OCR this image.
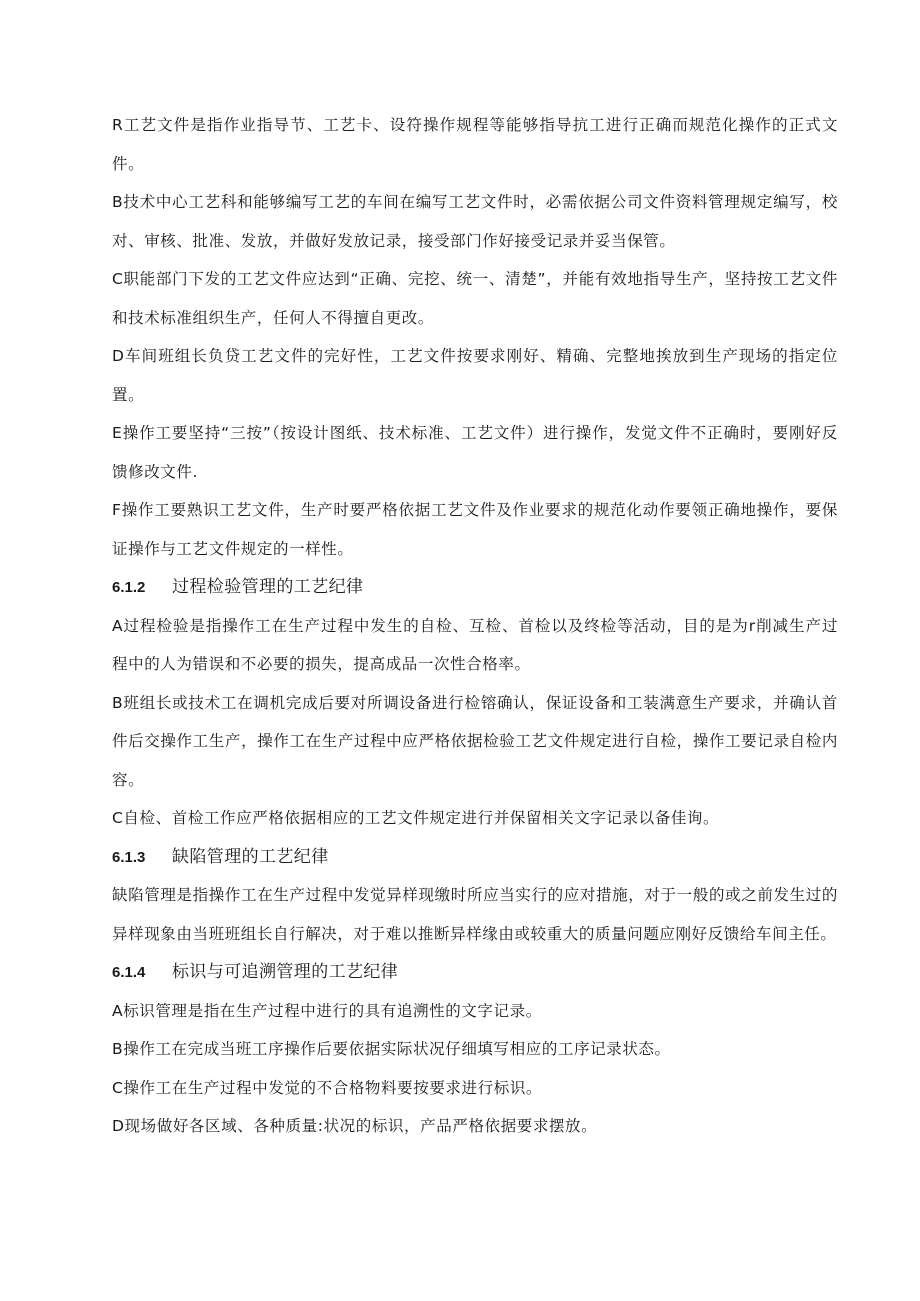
R工艺文件是指作业指导节、工艺卡、设符操作规程等能够指导抗工进行正确而规范化操作的正式文件。

B技术中心工艺科和能够编写工艺的车间在编写工艺文件时，必需依据公司文件资料管理规定编写，校对、审核、批准、发放，并做好发放记录，接受部门作好接受记录并妥当保管。

C职能部门下发的工艺文件应达到“正确、完挖、统一、清楚”，并能有效地指导生产，坚持按工艺文件和技术标准组织生产，任何人不得擅自更改。

D车间班组长负贷工艺文件的完好性，工艺文件按要求刚好、精确、完整地挨放到生产现场的指定位置。

E操作工要坚持“三按”（按设计图纸、技术标准、工艺文件）进行操作，发觉文件不正确时，要刚好反馈修改文件.

F操作工要熟识工艺文件，生产时要严格依据工艺文件及作业要求的规范化动作要领正确地操作，要保证操作与工艺文件规定的一样性。

6.1.2	过程检验管理的工艺纪律

A过程检验是指操作工在生产过程中发生的自检、互检、首检以及终检等活动，目的是为r削减生产过程中的人为错误和不必要的损失，提高成品一次性合格率。

B班组长或技术工在调机完成后要对所调设备进行检镕确认，保证设备和工装满意生产要求，并确认首件后交操作工生产，操作工在生产过程中应严格依据检验工艺文件规定进行自检，操作工要记录自检内容。

C自检、首检工作应严格依据相应的工艺文件规定进行并保留相关文字记录以备佳询。

6.1.3	缺陷管理的工艺纪律

缺陷管理是指操作工在生产过程中发觉异样现缴时所应当实行的应对措施，对于一般的或之前发生过的异样现象由当班班组长自行解决，对于难以推断异样缘由或较重大的质量问题应刚好反馈给车间主任。

6.1.4	标识与可追溯管理的工艺纪律

A标识管理是指在生产过程中进行的具有追溯性的文字记录。

B操作工在完成当班工序操作后要依据实际状况仔细填写相应的工序记录状态。

C操作工在生产过程中发觉的不合格物料要按要求进行标识。

D现场做好各区域、各种质量:状况的标识，产品严格依据要求摆放。
